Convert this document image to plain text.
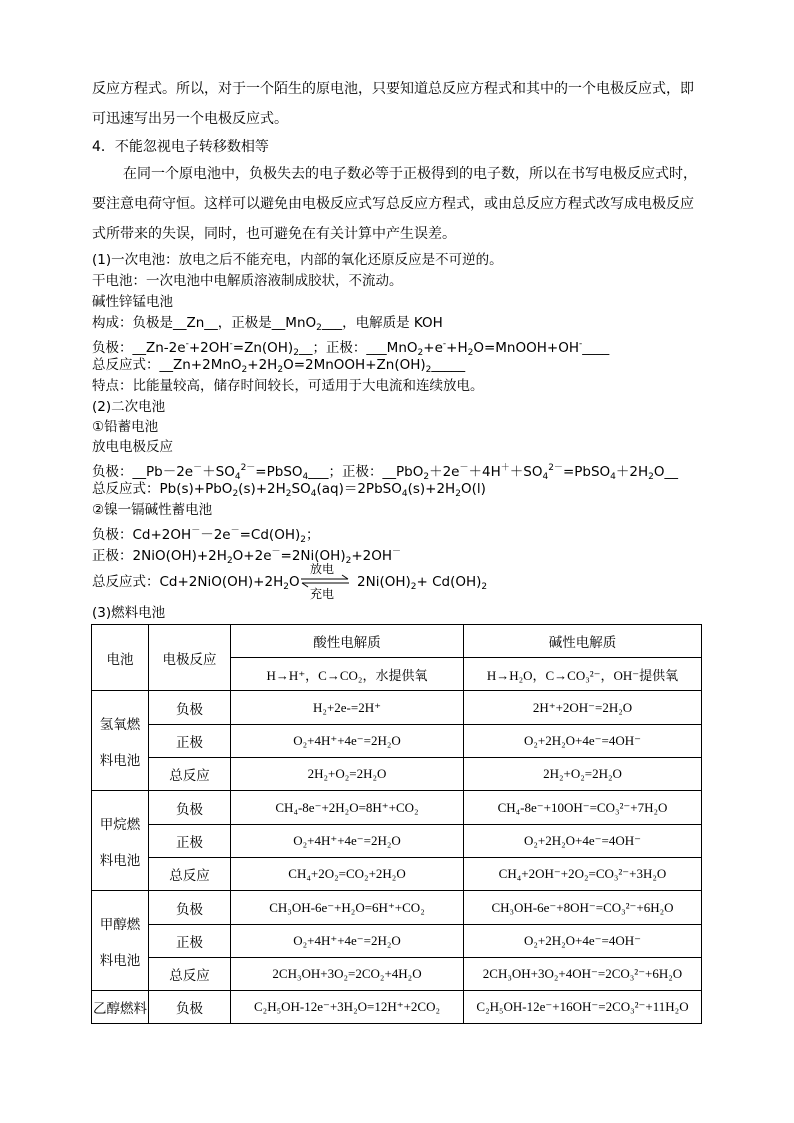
反应方程式。所以，对于一个陌生的原电池，只要知道总反应方程式和其中的一个电极反应式，即
可迅速写出另一个电极反应式。
4．不能忽视电子转移数相等
在同一个原电池中，负极失去的电子数必等于正极得到的电子数，所以在书写电极反应式时，
要注意电荷守恒。这样可以避免由电极反应式写总反应方程式，或由总反应方程式改写成电极反应
式所带来的失误，同时，也可避免在有关计算中产生误差。
(1)一次电池：放电之后不能充电，内部的氧化还原反应是不可逆的。
干电池：一次电池中电解质溶液制成胶状，不流动。
碱性锌锰电池
构成：负极是__Zn__，正极是__MnO$_2$___，电解质是 KOH
负极：$\_\_Zn-2e^-+2OH^-=Zn(OH)_2\_\_$；正极：$\_\_\_MnO_2+e^-+H_2O=MnOOH+OH^-\_\_\_\_$
总反应式：$\_\_Zn+2MnO_2+2H_2O=2MnOOH+Zn(OH)_2\_\_\_\_\_$
特点：比能量较高，储存时间较长，可适用于大电流和连续放电。
(2)二次电池
①铅蓄电池
放电电极反应
负极：$\_\_Pb-2e^-+SO_4^{2-}=PbSO_4\_\_\_$；正极：$\_\_PbO_2+2e^-+4H^++SO_4^{2-}=PbSO_4+2H_2O\_\_$
总反应式：$Pb(s)+PbO_2(s)+2H_2SO_4(aq)=2PbSO_4(s)+2H_2O(l)$
②镍一镉碱性蓄电池
负极：$Cd+2OH^--2e^-=Cd(OH)_2$；
正极：$2NiO(OH)+2H_2O+2e^-=2Ni(OH)_2+2OH^-$
总反应式：$Cd+2NiO(OH)+2H_2O$
放电
充电
$2Ni(OH)_2+ Cd(OH)_2$
(3)燃料电池
电池	电极反应	酸性电解质	碱性电解质
		H→H⁺，C→CO₂，水提供氧	H→H₂O，C→CO₃²⁻，OH⁻提供氧
氢氧燃

料电池	负极	H₂+2e-=2H⁺	2H⁺+2OH⁻=2H₂O
	正极	O₂+4H⁺+4e⁻=2H₂O	O₂+2H₂O+4e⁻=4OH⁻
	总反应	2H₂+O₂=2H₂O	2H₂+O₂=2H₂O
甲烷燃

料电池	负极	CH₄-8e⁻+2H₂O=8H⁺+CO₂	CH₄-8e⁻+10OH⁻=CO₃²⁻+7H₂O
	正极	O₂+4H⁺+4e⁻=2H₂O	O₂+2H₂O+4e⁻=4OH⁻
	总反应	CH₄+2O₂=CO₂+2H₂O	CH₄+2OH⁻+2O₂=CO₃²⁻+3H₂O
甲醇燃

料电池	负极	CH₃OH-6e⁻+H₂O=6H⁺+CO₂	CH₃OH-6e⁻+8OH⁻=CO₃²⁻+6H₂O
	正极	O₂+4H⁺+4e⁻=2H₂O	O₂+2H₂O+4e⁻=4OH⁻
	总反应	2CH₃OH+3O₂=2CO₂+4H₂O	2CH₃OH+3O₂+4OH⁻=2CO₃²⁻+6H₂O
乙醇燃料	负极	C₂H₅OH-12e⁻+3H₂O=12H⁺+2CO₂	C₂H₅OH-12e⁻+16OH⁻=2CO₃²⁻+11H₂O
